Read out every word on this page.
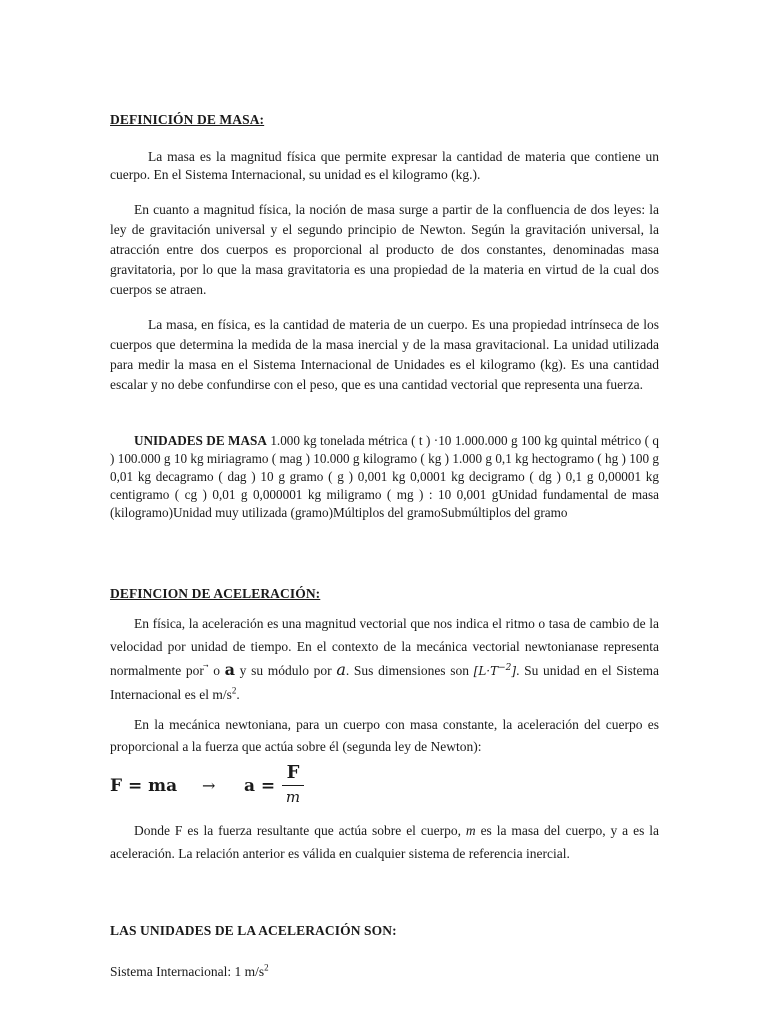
DEFINICIÓN DE MASA:

La masa es la magnitud física que permite expresar la cantidad de materia que contiene un cuerpo. En el Sistema Internacional, su unidad es el kilogramo (kg.).

En cuanto a magnitud física, la noción de masa surge a partir de la confluencia de dos leyes: la ley de gravitación universal y el segundo principio de Newton. Según la gravitación universal, la atracción entre dos cuerpos es proporcional al producto de dos constantes, denominadas masa gravitatoria, por lo que la masa gravitatoria es una propiedad de la materia en virtud de la cual dos cuerpos se atraen.

La masa, en física, es la cantidad de materia de un cuerpo. Es una propiedad intrínseca de los cuerpos que determina la medida de la masa inercial y de la masa gravitacional. La unidad utilizada para medir la masa en el Sistema Internacional de Unidades es el kilogramo (kg). Es una cantidad escalar y no debe confundirse con el peso, que es una cantidad vectorial que representa una fuerza.

UNIDADES DE MASA 1.000 kg tonelada métrica ( t ) ·10 1.000.000 g 100 kg quintal métrico ( q ) 100.000 g 10 kg miriagramo ( mag ) 10.000 g kilogramo ( kg ) 1.000 g 0,1 kg hectogramo ( hg ) 100 g 0,01 kg decagramo ( dag ) 10 g gramo ( g ) 0,001 kg 0,0001 kg decigramo ( dg ) 0,1 g 0,00001 kg centigramo ( cg ) 0,01 g 0,000001 kg miligramo ( mg ) : 10 0,001 gUnidad fundamental de masa (kilogramo)Unidad muy utilizada (gramo)Múltiplos del gramoSubmúltiplos del gramo

DEFINCION DE ACELERACIÓN:

En física, la aceleración es una magnitud vectorial que nos indica el ritmo o tasa de cambio de la velocidad por unidad de tiempo. En el contexto de la mecánica vectorial newtonianase representa normalmente por o a y su módulo por a. Sus dimensiones son $[L\cdot T^{-2}]$. Su unidad en el Sistema Internacional es el $m/s^2$.

En la mecánica newtoniana, para un cuerpo con masa constante, la aceleración del cuerpo es proporcional a la fuerza que actúa sobre él (segunda ley de Newton):

F = ma → a =
F
m

Donde F es la fuerza resultante que actúa sobre el cuerpo, m es la masa del cuerpo, y a es la aceleración. La relación anterior es válida en cualquier sistema de referencia inercial.

LAS UNIDADES DE LA ACELERACIÓN SON:
Sistema Internacional: 1 $m/s^2$
